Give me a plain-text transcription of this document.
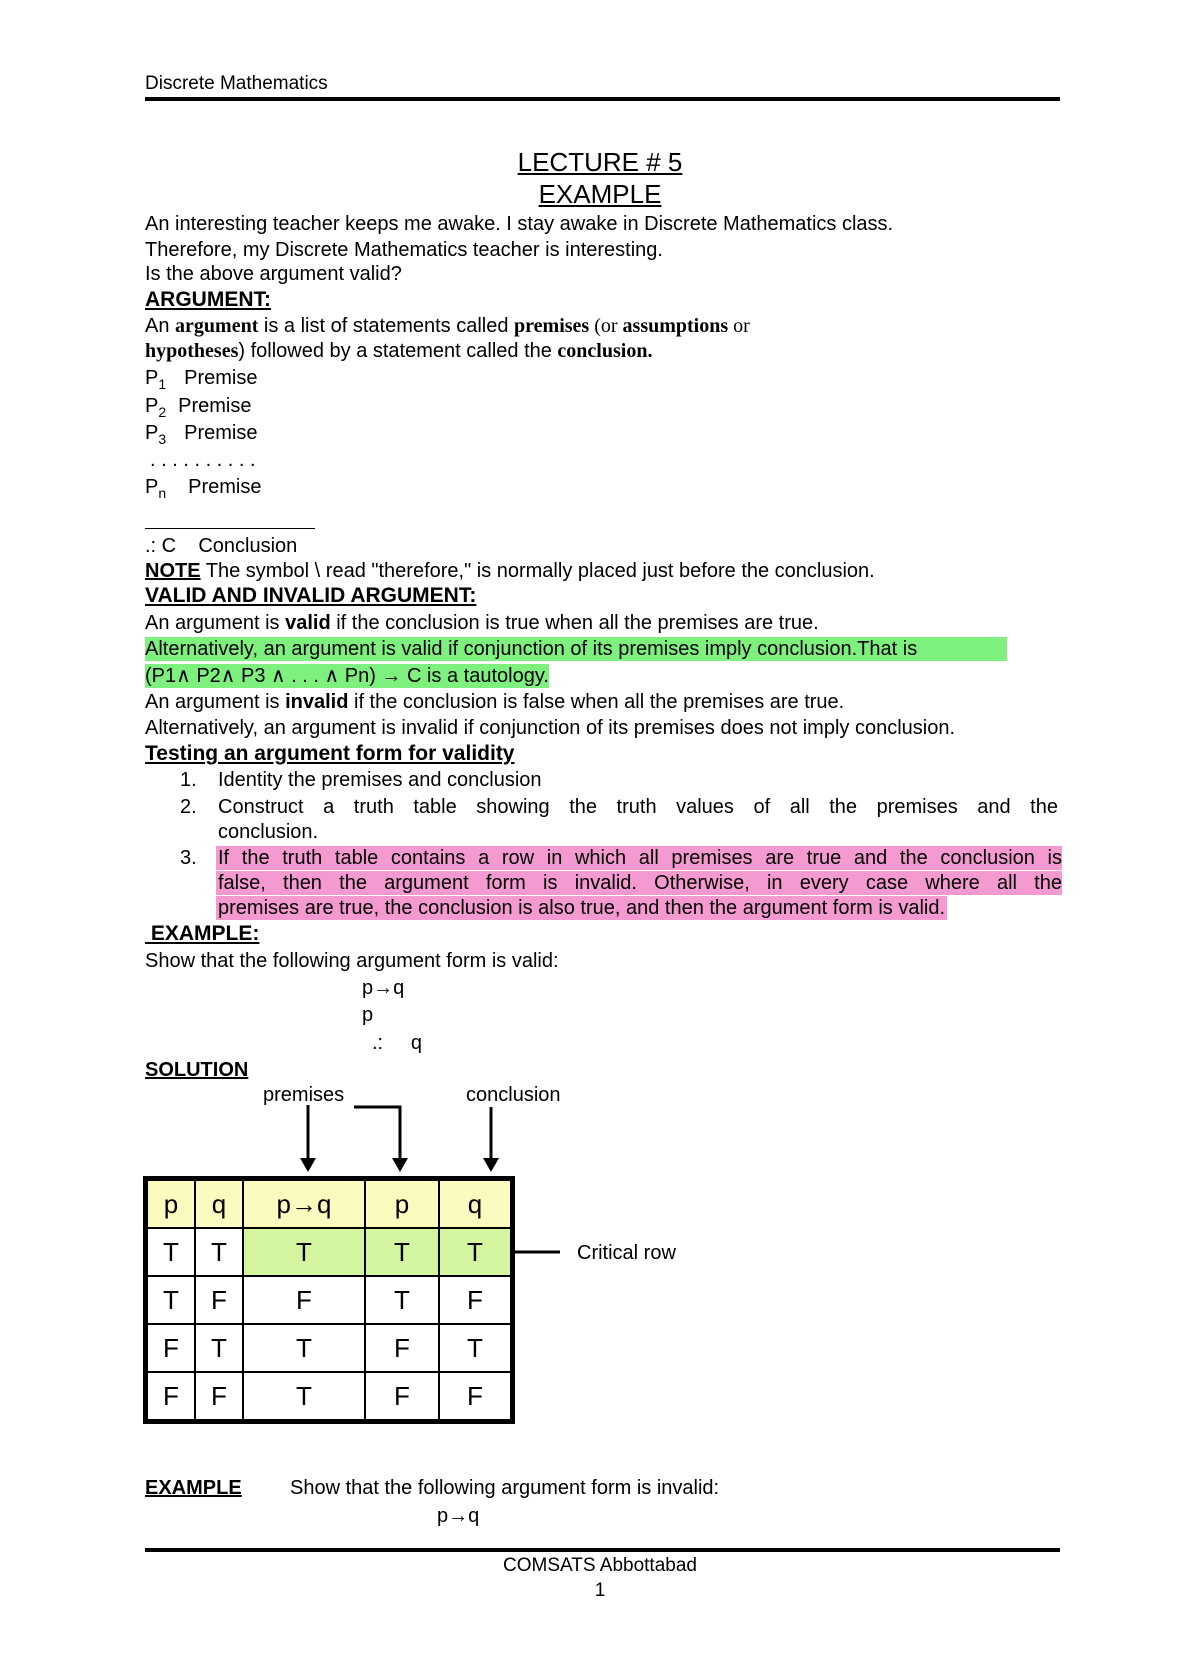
Discrete Mathematics
LECTURE # 5
EXAMPLE
An interesting teacher keeps me awake. I stay awake in Discrete Mathematics class.
Therefore, my Discrete Mathematics teacher is interesting.
Is the above argument valid?
ARGUMENT:
An argument is a list of statements called premises (or assumptions or
hypotheses) followed by a statement called the conclusion.
$P_1$ Premise
$P_2$ Premise
$P_3$ Premise
. . . . . . . . . .
$P_n$ Premise
.: C    Conclusion
NOTE The symbol \ read "therefore," is normally placed just before the conclusion.
VALID AND INVALID ARGUMENT:
An argument is valid if the conclusion is true when all the premises are true.
Alternatively, an argument is valid if conjunction of its premises imply conclusion.That is
(P1∧ P2∧ P3 ∧ . . . ∧ Pn) → C is a tautology.
An argument is invalid if the conclusion is false when all the premises are true.
Alternatively, an argument is invalid if conjunction of its premises does not imply conclusion.
Testing an argument form for validity
1. Identity the premises and conclusion
2. Construct a truth table showing the truth values of all the premises and the
conclusion.
3. If the truth table contains a row in which all premises are true and the conclusion is
false, then the argument form is invalid. Otherwise, in every case where all the
premises are true, the conclusion is also true, and then the argument form is valid.
EXAMPLE:
Show that the following argument form is valid:
p→q
p
.:     q
SOLUTION
premises	conclusion
Critical row
p	q	p→q	p	q
T	T	T	T	T
T	F	F	T	F
F	T	T	F	T
F	F	T	F	F
EXAMPLE Show that the following argument form is invalid:
p→q
COMSATS Abbottabad
1
